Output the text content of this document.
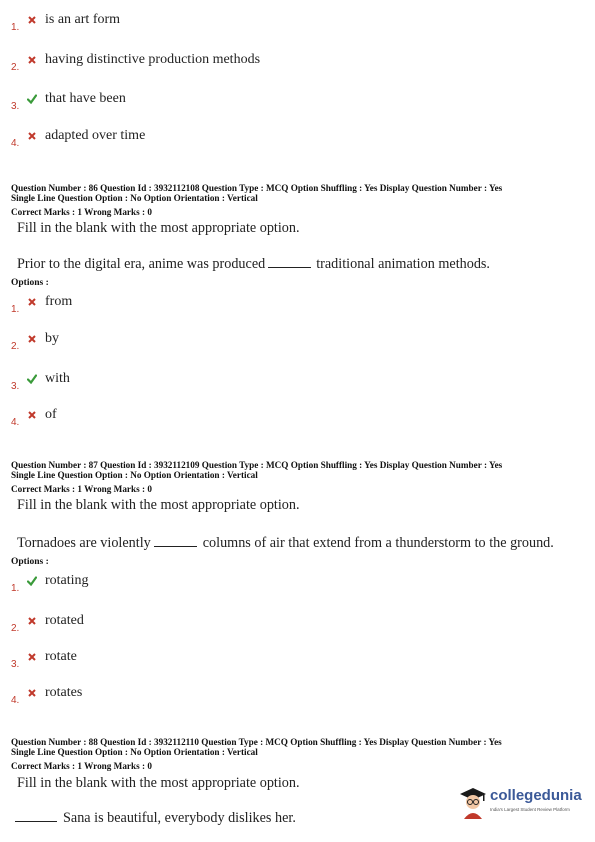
1.
is an art form
2.
having distinctive production methods
3.
that have been
4.
adapted over time
Question Number : 86 Question Id : 3932112108 Question Type : MCQ Option Shuffling : Yes Display Question Number : Yes
Single Line Question Option : No Option Orientation : Vertical
Correct Marks : 1 Wrong Marks : 0
Fill in the blank with the most appropriate option.
Prior to the digital era, anime was produced	traditional animation methods.
Options :
1.
from
2.
by
3.
with
4.
of
Question Number : 87 Question Id : 3932112109 Question Type : MCQ Option Shuffling : Yes Display Question Number : Yes
Single Line Question Option : No Option Orientation : Vertical
Correct Marks : 1 Wrong Marks : 0
Fill in the blank with the most appropriate option.
Tornadoes are violently	columns of air that extend from a thunderstorm to the ground.
Options :
1.
rotating
2.
rotated
3.
rotate
4.
rotates
Question Number : 88 Question Id : 3932112110 Question Type : MCQ Option Shuffling : Yes Display Question Number : Yes
Single Line Question Option : No Option Orientation : Vertical
Correct Marks : 1 Wrong Marks : 0
Fill in the blank with the most appropriate option.
Sana is beautiful, everybody dislikes her.
collegedunia
India's Largest Student Review Platform
